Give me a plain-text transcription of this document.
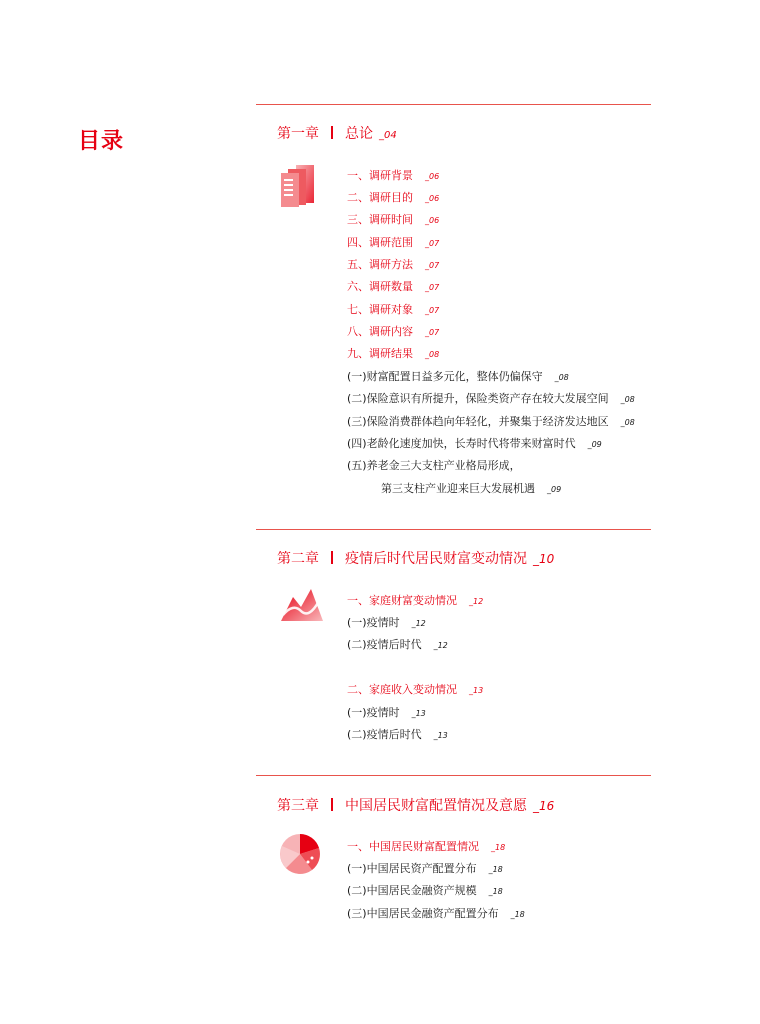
目录	第一章 总论 _04
一、调研背景 _06
二、调研目的 _06
三、调研时间 _06
四、调研范围 _07
五、调研方法 _07
六、调研数量 _07
七、调研对象 _07
八、调研内容 _07
九、调研结果 _08
(一)财富配置日益多元化，整体仍偏保守 _08
(二)保险意识有所提升，保险类资产存在较大发展空间 _08
(三)保险消费群体趋向年轻化，并聚集于经济发达地区 _08
(四)老龄化速度加快，长寿时代将带来财富时代 _09
(五)养老金三大支柱产业格局形成，
第三支柱产业迎来巨大发展机遇 _09
第二章 疫情后时代居民财富变动情况 _10
一、家庭财富变动情况 _12
(一)疫情时 _12
(二)疫情后时代 _12
二、家庭收入变动情况 _13
(一)疫情时 _13
(二)疫情后时代 _13
第三章 中国居民财富配置情况及意愿 _16
一、中国居民财富配置情况 _18
(一)中国居民资产配置分布 _18
(二)中国居民金融资产规模 _18
(三)中国居民金融资产配置分布 _18
